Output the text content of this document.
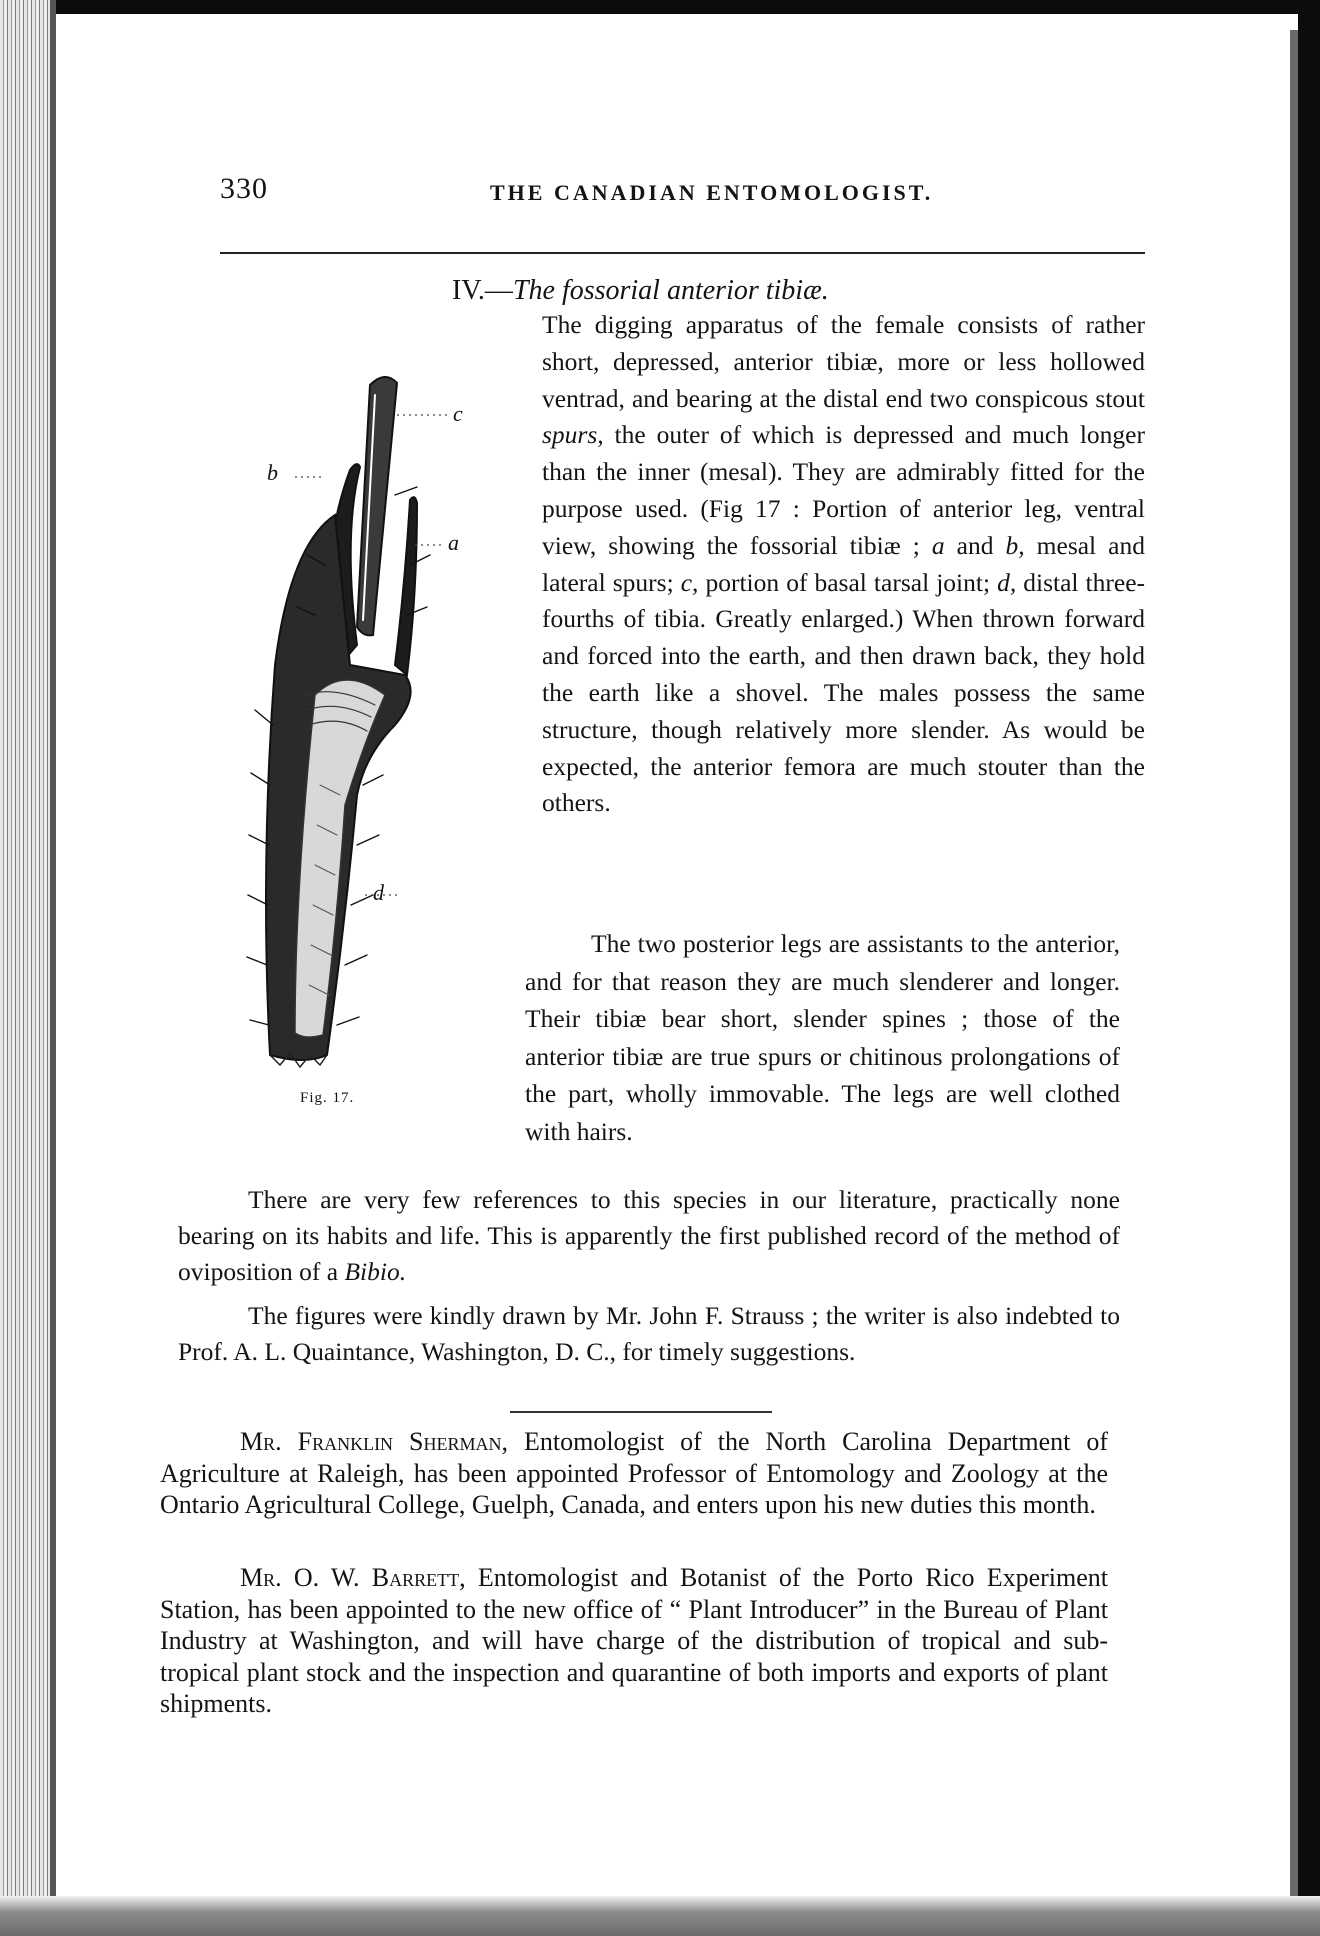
330	THE CANADIAN ENTOMOLOGIST.
IV.—The fossorial anterior tibiæ.

The digging apparatus of the female consists of rather short, depressed, anterior tibiæ, more or less hollowed ventrad, and bearing at the distal end two conspicous stout spurs, the outer of which is depressed and much longer than the inner (mesal). They are admirably fitted for the purpose used. (Fig 17 : Portion of anterior leg, ventral view, showing the fossorial tibiæ ; a and b, mesal and lateral spurs; c, portion of basal tarsal joint; d, distal three-fourths of tibia. Greatly enlarged.) When thrown forward and forced into the earth, and then drawn back, they hold the earth like a shovel. The males possess the same structure, though relatively more slender. As would be expected, the anterior femora are much stouter than the others.

The two posterior legs are assistants to the anterior, and for that reason they are much slenderer and longer. Their tibiæ bear short, slender spines ; those of the anterior tibiæ are true spurs or chitinous prolongations of the part, wholly immovable. The legs are well clothed with hairs.

There are very few references to this species in our literature, practically none bearing on its habits and life. This is apparently the first published record of the method of oviposition of a Bibio.

The figures were kindly drawn by Mr. John F. Strauss ; the writer is also indebted to Prof. A. L. Quaintance, Washington, D. C., for timely suggestions.

Mr. Franklin Sherman, Entomologist of the North Carolina Department of Agriculture at Raleigh, has been appointed Professor of Entomology and Zoology at the Ontario Agricultural College, Guelph, Canada, and enters upon his new duties this month.

Mr. O. W. Barrett, Entomologist and Botanist of the Porto Rico Experiment Station, has been appointed to the new office of “ Plant Introducer” in the Bureau of Plant Industry at Washington, and will have charge of the distribution of tropical and sub-tropical plant stock and the inspection and quarantine of both imports and exports of plant shipments.

c
b
a
d
Fig. 17.
